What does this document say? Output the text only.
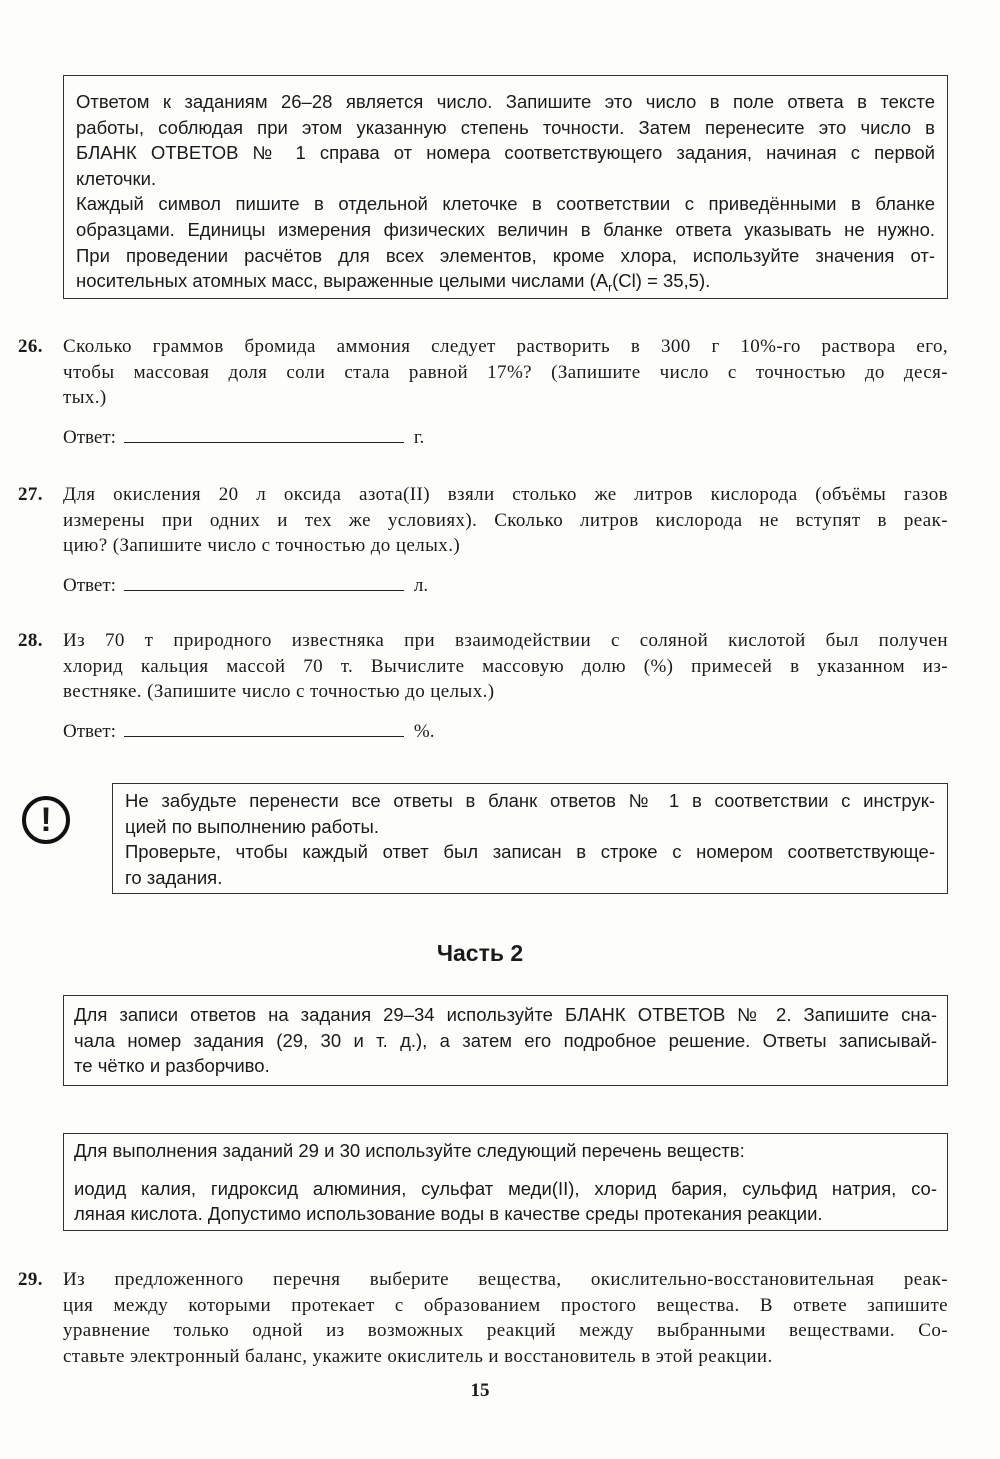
Ответом к заданиям 26–28 является число. Запишите это число в поле ответа в тексте
работы, соблюдая при этом указанную степень точности. Затем перенесите это число в
БЛАНК ОТВЕТОВ № 1 справа от номера соответствующего задания, начиная с первой
клеточки.
Каждый символ пишите в отдельной клеточке в соответствии с приведёнными в бланке
образцами. Единицы измерения физических величин в бланке ответа указывать не нужно.
При проведении расчётов для всех элементов, кроме хлора, используйте значения от-
носительных атомных масс, выраженные целыми числами $(A_r(Cl) = 35,5)$.
26. Сколько граммов бромида аммония следует растворить в 300 г 10%-го раствора его,
чтобы массовая доля соли стала равной 17%? (Запишите число с точностью до деся-
тых.)
Ответ:	г.
27. Для окисления 20 л оксида азота(II) взяли столько же литров кислорода (объёмы газов
измерены при одних и тех же условиях). Сколько литров кислорода не вступят в реак-
цию? (Запишите число с точностью до целых.)
Ответ:	л.
28. Из 70 т природного известняка при взаимодействии с соляной кислотой был получен
хлорид кальция массой 70 т. Вычислите массовую долю (%) примесей в указанном из-
вестняке. (Запишите число с точностью до целых.)
Ответ:	%.
!
Не забудьте перенести все ответы в бланк ответов № 1 в соответствии с инструк-
цией по выполнению работы.
Проверьте, чтобы каждый ответ был записан в строке с номером соответствующе-
го задания.
Часть 2
Для записи ответов на задания 29–34 используйте БЛАНК ОТВЕТОВ № 2. Запишите сна-
чала номер задания (29, 30 и т. д.), а затем его подробное решение. Ответы записывай-
те чётко и разборчиво.
Для выполнения заданий 29 и 30 используйте следующий перечень веществ:
иодид калия, гидроксид алюминия, сульфат меди(II), хлорид бария, сульфид натрия, со-
ляная кислота. Допустимо использование воды в качестве среды протекания реакции.
29. Из предложенного перечня выберите вещества, окислительно-восстановительная реак-
ция между которыми протекает с образованием простого вещества. В ответе запишите
уравнение только одной из возможных реакций между выбранными веществами. Со-
ставьте электронный баланс, укажите окислитель и восстановитель в этой реакции.
15
